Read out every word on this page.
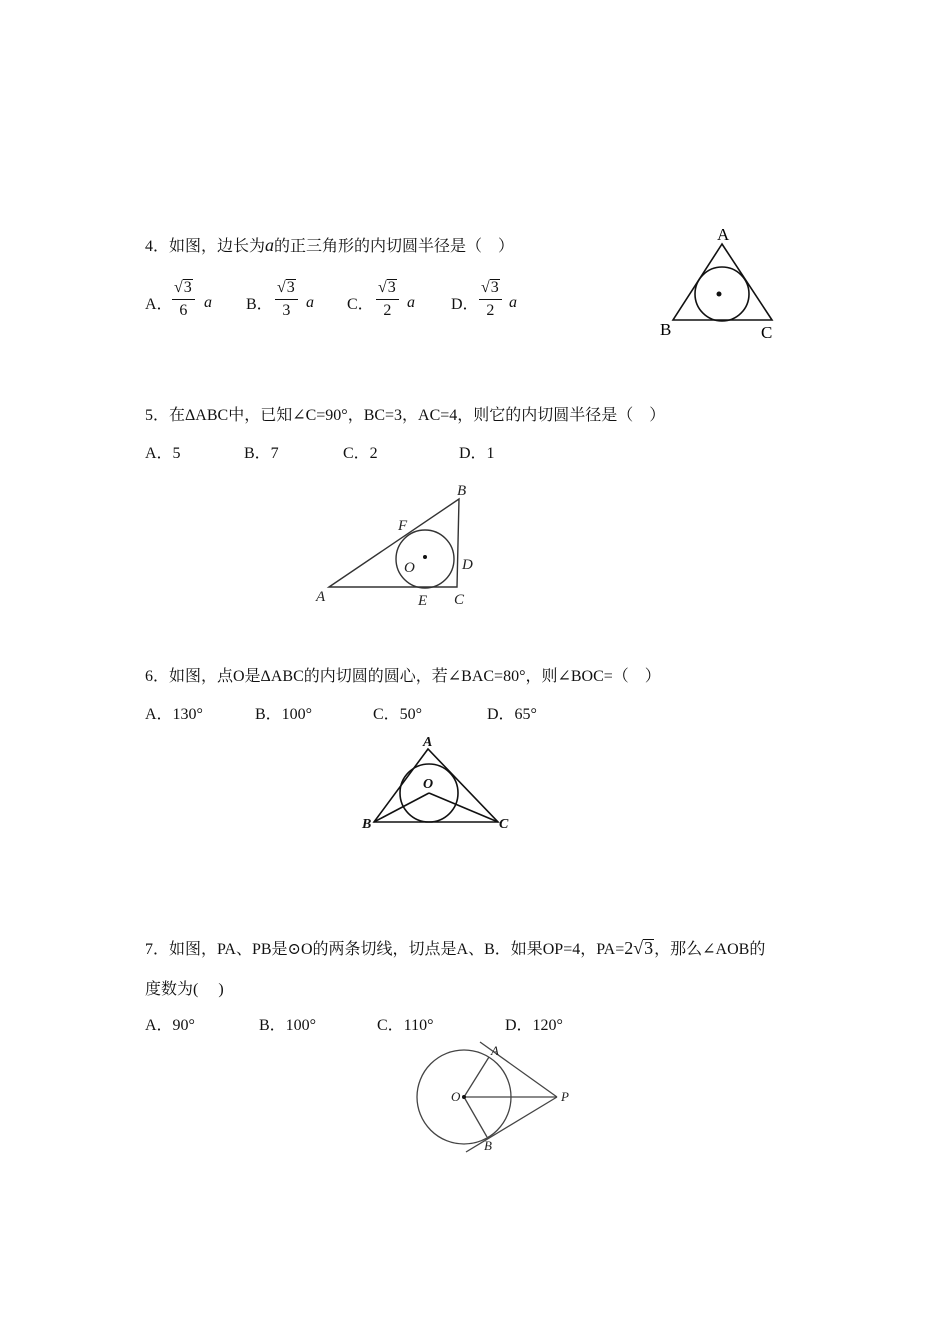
4．如图，边长为a的正三角形的内切圆半径是（　）
A． $\frac{√3}{6}$ a B． $\frac{√3}{3}$ a C． $\frac{√3}{2}$ a D． $\frac{√3}{2}$ a
A
B	C
5．在ΔABC中，已知∠C=90°，BC=3，AC=4，则它的内切圆半径是（　）
A．5	B．7	C．2	D．1
B
F
O	D
A	E C
6．如图，点O是ΔABC的内切圆的圆心，若∠BAC=80°，则∠BOC=（　）
A．130°	B．100°	C．50°	D．65°
A
O
B	C
7．如图，PA、PB是⊙O的两条切线，切点是A、B．如果OP=4，PA=2√3，那么∠AOB的
度数为(　 )
A．90°	B．100°	C．110°	D．120°
A
O	P
B
